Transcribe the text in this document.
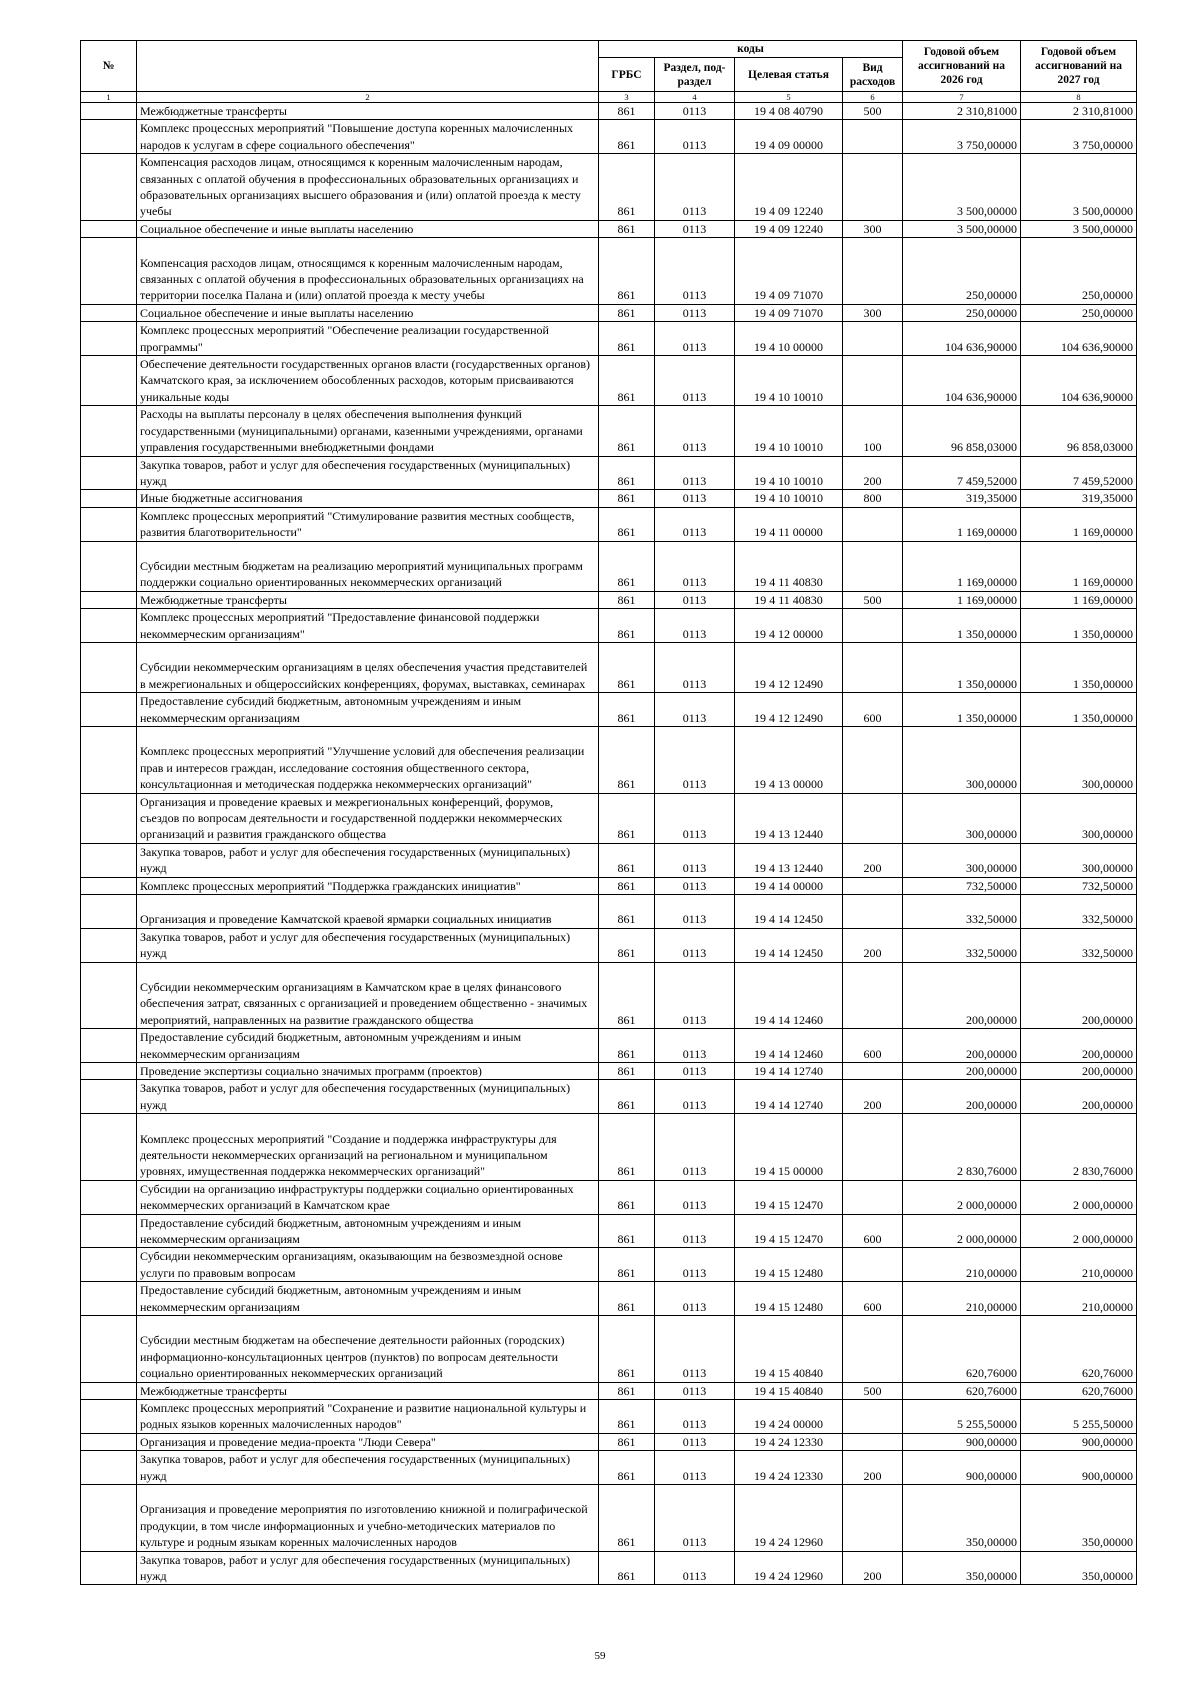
№		коды				Годовой объем ассигнований на 2026 год	Годовой объем ассигнований на 2027 год
		ГРБС	Раздел, под-раздел	Целевая статья	Вид расходов		
1	2	3	4	5	6	7	8
	Межбюджетные трансферты	861	0113	19 4 08 40790	500	2 310,81000	2 310,81000
	Комплекс процессных мероприятий "Повышение доступа коренных малочисленных народов к услугам в сфере социального обеспечения"	861	0113	19 4 09 00000		3 750,00000	3 750,00000
	Компенсация расходов лицам, относящимся к коренным малочисленным народам, связанных с оплатой обучения в профессиональных образовательных организациях и образовательных организациях высшего образования и (или) оплатой проезда к месту учебы	861	0113	19 4 09 12240		3 500,00000	3 500,00000
	Социальное обеспечение и иные выплаты населению	861	0113	19 4 09 12240	300	3 500,00000	3 500,00000
	Компенсация расходов лицам, относящимся к коренным малочисленным народам, связанных с оплатой обучения в профессиональных образовательных организациях на территории поселка Палана и (или) оплатой проезда к месту учебы	861	0113	19 4 09 71070		250,00000	250,00000
	Социальное обеспечение и иные выплаты населению	861	0113	19 4 09 71070	300	250,00000	250,00000
	Комплекс процессных мероприятий "Обеспечение реализации государственной программы"	861	0113	19 4 10 00000		104 636,90000	104 636,90000
	Обеспечение деятельности государственных органов власти (государственных органов) Камчатского края, за исключением обособленных расходов, которым присваиваются уникальные коды	861	0113	19 4 10 10010		104 636,90000	104 636,90000
	Расходы на выплаты персоналу в целях обеспечения выполнения функций государственными (муниципальными) органами, казенными учреждениями, органами управления государственными внебюджетными фондами	861	0113	19 4 10 10010	100	96 858,03000	96 858,03000
	Закупка товаров, работ и услуг для обеспечения государственных (муниципальных) нужд	861	0113	19 4 10 10010	200	7 459,52000	7 459,52000
	Иные бюджетные ассигнования	861	0113	19 4 10 10010	800	319,35000	319,35000
	Комплекс процессных мероприятий "Стимулирование развития местных сообществ, развития благотворительности"	861	0113	19 4 11 00000		1 169,00000	1 169,00000
	Субсидии местным бюджетам на реализацию мероприятий муниципальных программ поддержки социально ориентированных некоммерческих организаций	861	0113	19 4 11 40830		1 169,00000	1 169,00000
	Межбюджетные трансферты	861	0113	19 4 11 40830	500	1 169,00000	1 169,00000
	Комплекс процессных мероприятий "Предоставление финансовой поддержки некоммерческим организациям"	861	0113	19 4 12 00000		1 350,00000	1 350,00000
	Субсидии некоммерческим организациям в целях обеспечения участия представителей в межрегиональных и общероссийских конференциях, форумах, выставках, семинарах	861	0113	19 4 12 12490		1 350,00000	1 350,00000
	Предоставление субсидий бюджетным, автономным учреждениям и иным некоммерческим организациям	861	0113	19 4 12 12490	600	1 350,00000	1 350,00000
	Комплекс процессных мероприятий "Улучшение условий для обеспечения реализации прав и интересов граждан, исследование состояния общественного сектора, консультационная и методическая поддержка некоммерческих организаций"	861	0113	19 4 13 00000		300,00000	300,00000
	Организация и проведение краевых и межрегиональных конференций, форумов, съездов по вопросам деятельности и государственной поддержки некоммерческих организаций и развития гражданского общества	861	0113	19 4 13 12440		300,00000	300,00000
	Закупка товаров, работ и услуг для обеспечения государственных (муниципальных) нужд	861	0113	19 4 13 12440	200	300,00000	300,00000
	Комплекс процессных мероприятий "Поддержка гражданских инициатив"	861	0113	19 4 14 00000		732,50000	732,50000
	Организация и проведение Камчатской краевой ярмарки социальных инициатив	861	0113	19 4 14 12450		332,50000	332,50000
	Закупка товаров, работ и услуг для обеспечения государственных (муниципальных) нужд	861	0113	19 4 14 12450	200	332,50000	332,50000
	Субсидии некоммерческим организациям в Камчатском крае в целях финансового обеспечения затрат, связанных с организацией и проведением общественно - значимых мероприятий, направленных на развитие гражданского общества	861	0113	19 4 14 12460		200,00000	200,00000
	Предоставление субсидий бюджетным, автономным учреждениям и иным некоммерческим организациям	861	0113	19 4 14 12460	600	200,00000	200,00000
	Проведение экспертизы социально значимых программ (проектов)	861	0113	19 4 14 12740		200,00000	200,00000
	Закупка товаров, работ и услуг для обеспечения государственных (муниципальных) нужд	861	0113	19 4 14 12740	200	200,00000	200,00000
	Комплекс процессных мероприятий "Создание и поддержка инфраструктуры для деятельности некоммерческих организаций на региональном и муниципальном уровнях, имущественная поддержка некоммерческих организаций"	861	0113	19 4 15 00000		2 830,76000	2 830,76000
	Субсидии на организацию инфраструктуры поддержки социально ориентированных некоммерческих организаций в Камчатском крае	861	0113	19 4 15 12470		2 000,00000	2 000,00000
	Предоставление субсидий бюджетным, автономным учреждениям и иным некоммерческим организациям	861	0113	19 4 15 12470	600	2 000,00000	2 000,00000
	Субсидии некоммерческим организациям, оказывающим на безвозмездной основе услуги по правовым вопросам	861	0113	19 4 15 12480		210,00000	210,00000
	Предоставление субсидий бюджетным, автономным учреждениям и иным некоммерческим организациям	861	0113	19 4 15 12480	600	210,00000	210,00000
	Субсидии местным бюджетам на обеспечение деятельности районных (городских) информационно-консультационных центров (пунктов) по вопросам деятельности социально ориентированных некоммерческих организаций	861	0113	19 4 15 40840		620,76000	620,76000
	Межбюджетные трансферты	861	0113	19 4 15 40840	500	620,76000	620,76000
	Комплекс процессных мероприятий "Сохранение и развитие национальной культуры и родных языков коренных малочисленных народов"	861	0113	19 4 24 00000		5 255,50000	5 255,50000
	Организация и проведение медиа-проекта "Люди Севера"	861	0113	19 4 24 12330		900,00000	900,00000
	Закупка товаров, работ и услуг для обеспечения государственных (муниципальных) нужд	861	0113	19 4 24 12330	200	900,00000	900,00000
	Организация и проведение мероприятия по изготовлению книжной и полиграфической продукции, в том числе информационных и учебно-методических материалов по культуре и родным языкам коренных малочисленных народов	861	0113	19 4 24 12960		350,00000	350,00000
	Закупка товаров, работ и услуг для обеспечения государственных (муниципальных) нужд	861	0113	19 4 24 12960	200	350,00000	350,00000
59
